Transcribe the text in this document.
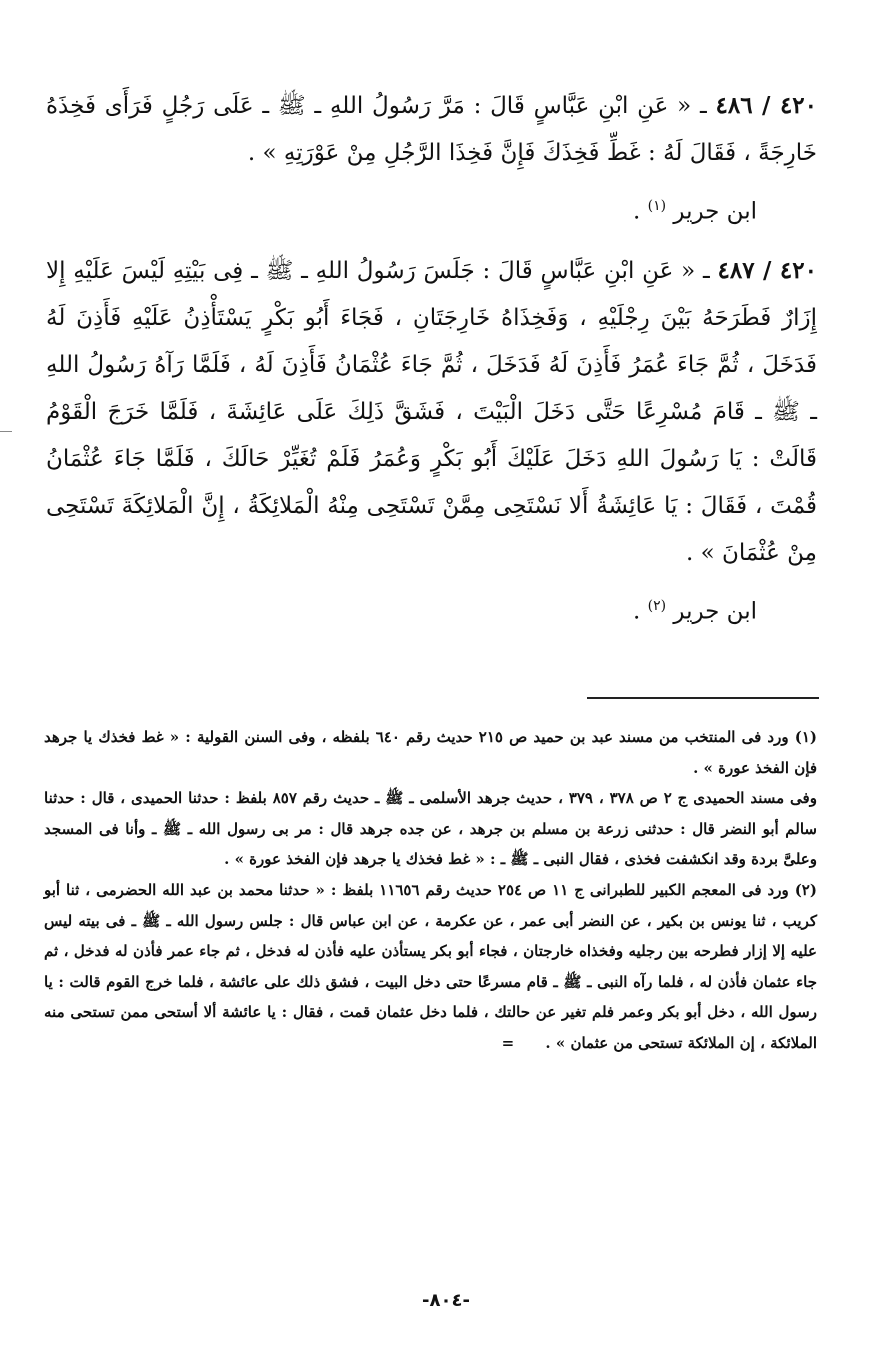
٤٢٠ / ٤٨٦ ـ « عَنِ ابْنِ عَبَّاسٍ قَالَ : مَرَّ رَسُولُ اللهِ ـ ﷺ ـ عَلَى رَجُلٍ فَرَأَى فَخِذَهُ خَارِجَةً ، فَقَالَ لَهُ : غَطِّ فَخِذَكَ فَإِنَّ فَخِذَا الرَّجُلِ مِنْ عَوْرَتِهِ » .

ابن جرير $^{(١)}$ .

٤٢٠ / ٤٨٧ ـ « عَنِ ابْنِ عَبَّاسٍ قَالَ : جَلَسَ رَسُولُ اللهِ ـ ﷺ ـ فِى بَيْتِهِ لَيْسَ عَلَيْهِ إِلا إِزَارٌ فَطَرَحَهُ بَيْنَ رِجْلَيْهِ ، وَفَخِذَاهُ خَارِجَتَانِ ، فَجَاءَ أَبُو بَكْرٍ يَسْتَأْذِنُ عَلَيْهِ فَأَذِنَ لَهُ فَدَخَلَ ، ثُمَّ جَاءَ عُمَرُ فَأَذِنَ لَهُ فَدَخَلَ ، ثُمَّ جَاءَ عُثْمَانُ فَأَذِنَ لَهُ ، فَلَمَّا رَآهُ رَسُولُ اللهِ ـ ﷺ ـ قَامَ مُسْرِعًا حَتَّى دَخَلَ الْبَيْتَ ، فَشَقَّ ذَلِكَ عَلَى عَائِشَةَ ، فَلَمَّا خَرَجَ الْقَوْمُ قَالَتْ : يَا رَسُولَ اللهِ دَخَلَ عَلَيْكَ أَبُو بَكْرٍ وَعُمَرُ فَلَمْ تُغَيِّرْ حَالَكَ ، فَلَمَّا جَاءَ عُثْمَانُ قُمْتَ ، فَقَالَ : يَا عَائِشَةُ أَلا نَسْتَحِى مِمَّنْ تَسْتَحِى مِنْهُ الْمَلائِكَةُ ، إِنَّ الْمَلائِكَةَ تَسْتَحِى مِنْ عُثْمَانَ » .

ابن جرير $^{(٢)}$ .

(١) ورد فى المنتخب من مسند عبد بن حميد ص ٢١٥ حديث رقم ٦٤٠ بلفظه ، وفى السنن القولية : « غط فخذك يا جرهد فإن الفخذ عورة » .

وفى مسند الحميدى ج ٢ ص ٣٧٨ ، ٣٧٩ ، حديث جرهد الأسلمى ـ ﷺ ـ حديث رقم ٨٥٧ بلفظ : حدثنا الحميدى ، قال : حدثنا سالم أبو النضر قال : حدثنى زرعة بن مسلم بن جرهد ، عن جده جرهد قال : مر بى رسول الله ـ ﷺ ـ وأنا فى المسجد وعلىَّ بردة وقد انكشفت فخذى ، فقال النبى ـ ﷺ ـ : « غط فخذك يا جرهد فإن الفخذ عورة » .

(٢) ورد فى المعجم الكبير للطبرانى ج ١١ ص ٢٥٤ حديث رقم ١١٦٥٦ بلفظ : « حدثنا محمد بن عبد الله الحضرمى ، ثنا أبو كريب ، ثنا يونس بن بكير ، عن النضر أبى عمر ، عن عكرمة ، عن ابن عباس قال : جلس رسول الله ـ ﷺ ـ فى بيته ليس عليه إلا إزار فطرحه بين رجليه وفخذاه خارجتان ، فجاء أبو بكر يستأذن عليه فأذن له فدخل ، ثم جاء عمر فأذن له فدخل ، ثم جاء عثمان فأذن له ، فلما رآه النبى ـ ﷺ ـ قام مسرعًا حتى دخل البيت ، فشق ذلك على عائشة ، فلما خرج القوم قالت : يا رسول الله ، دخل أبو بكر وعمر فلم تغير عن حالتك ، فلما دخل عثمان قمت ، فقال : يا عائشة ألا أستحى ممن تستحى منه الملائكة ، إن الملائكة تستحى من عثمان » . =

-٨٠٤-
